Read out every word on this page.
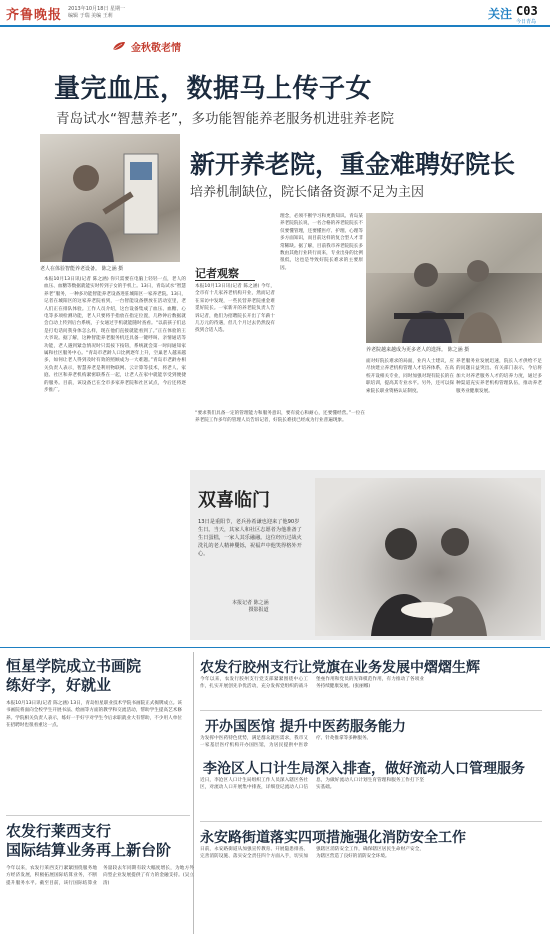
齐鲁晚报 2013年10月18日 星期一
编辑 于瑞 美编 王莉	关注 C03
今日青岛
金秋敬老情
量完血压，数据马上传子女
青岛试水“智慧养老”，多功能智能养老服务机进驻养老院
老人在体验智能养老设备。 陈之涵 摄
新开养老院，重金难聘好院长
培养机制缺位，院长储备资源不足为主因
本报10月13日讯(记者 陈之涵) 你只需要在电脑上轻轻一点，老人的血压、血糖等数据就能实时传到子女的手机上。13日，青岛试水“智慧养老”服务，一种多功能智能养老设备进驻城阳区一家养老院。13日，记者在城阳区的这家养老院看到，一台智能设备摆放在活动室里，老人们正在排队体验。工作人员介绍，这台设备集成了血压、血糖、心电等多项检测功能，老人只要将手指放在指定位置，几秒钟后数据就会自动上传到后台系统，子女通过手机就能随时查看。“以前孩子们总是打电话问我身体怎么样，现在他们直接就能看到了。”正在体验的王大爷说。据了解，这种智能养老服务机还具备一键呼叫、亲情通话等功能，老人遇到紧急情况时只需按下按钮，系统就会第一时间通知家属和社区服务中心。“青岛市老龄人口比例逐年上升，空巢老人越来越多，如何让老人得到及时有效的照顾成为一大难题。”青岛市老龄办相关负责人表示，智慧养老是利用物联网、云计算等技术，将老人、家庭、社区和养老机构紧密联系在一起，让老人在家中就能享受到便捷的服务。目前，该设备已在全市多家养老院和社区试点，今后还将逐步推广。
记者观察
本报10月13日讯(记者 陈之涵) 今年，全市有十几家养老机构开业，然而记者在采访中发现，一些民营养老院重金难觅好院长。一家新开的养老院负责人告诉记者，他们为招聘院长开出了年薪十几万元的待遇，但几个月过去仍然没有找到合适人选。
理念，必须不断学习和更新知识。青岛某养老院院长说，一名合格的养老院院长不仅要懂管理，还要懂医疗、护理、心理等多方面知识，而目前这样的复合型人才非常稀缺。据了解，目前我市养老院院长多数由其他行业转行而来，专业出身的比例很低，这也是导致好院长难求的主要原因。
养老院越来越成为更多老人的选择。 陈之涵 摄
面对好院长难求的局面，业内人士建议，应尽快建立养老机构管理人才培养体系，在高校开设相关专业，同时加强对现有院长的在职培训，提高其专业水平。另外，还可以探索院长职业资格认证制度。
养老服务业发展迅速，院长人才供给不足的问题日益突出。有关部门表示，今后将加大对养老服务人才的培养力度，通过多种渠道充实养老机构管理队伍，推动养老服务业健康发展。
“要求我们具备一定的管理能力和服务意识，要有爱心和耐心，还要懂经营。”一位在养老院工作多年的管理人员告诉记者，好院长难找已经成为行业普遍现象。
双喜临门
13日是重阳节，老兵孙希谦也迎来了他90岁生日。当天，其家人和社区志愿者为他准备了生日蛋糕，一家人其乐融融。这位经历过战火洗礼的老人精神矍铄，祝福声中他笑得格外开心。
本报记者 陈之涵
摄影报道
恒星学院成立书画院
练好字，好就业
本报10月13日讯(记者 陈之涵) 13日，青岛恒星职业技术学院书画院正式揭牌成立。该书画院将面向全校学生开展书法、绘画等方面的教学和交流活动，帮助学生提高艺术修养。学院相关负责人表示，练好一手好字对学生今后求职就业大有帮助，不少用人单位在招聘时也很看重这一点。
农发行莱西支行
国际结算业务再上新台阶
今年以来，农发行莱西支行紧紧围绕服务地方经济发展，积极拓展国际结算业务，不断提升服务水平。截至目前，该行国际结算业务量较去年同期有较大幅度增长，为地方外向型企业发展提供了有力的金融支持。(吴立清)
农发行胶州支行让党旗在业务发展中熠熠生辉
今年以来，农发行胶州支行党支部紧紧围绕中心工作，扎实开展创先争优活动，充分发挥党组织的战斗堡垒作用和党员的先锋模范作用，有力推动了各项业务持续健康发展。(张丽娜)
开办国医馆 提升中医药服务能力
为发挥中医药特色优势，满足群众就医需求，我市又一家基层医疗机构开办国医馆，为居民提供中医诊疗、针灸推拿等多种服务。
李沧区人口计生局深入排查，做好流动人口管理服务
近日，李沧区人口计生局组织工作人员深入辖区各社区，对流动人口开展集中排查，详细登记流动人口信息，为做好流动人口计划生育管理和服务工作打下坚实基础。
永安路街道落实四项措施强化消防安全工作
日前，永安路街道从加强宣传教育、开展隐患排查、完善消防设施、落实安全责任四个方面入手，切实加强辖区消防安全工作，确保辖区居民生命财产安全，为辖区营造了良好的消防安全环境。
